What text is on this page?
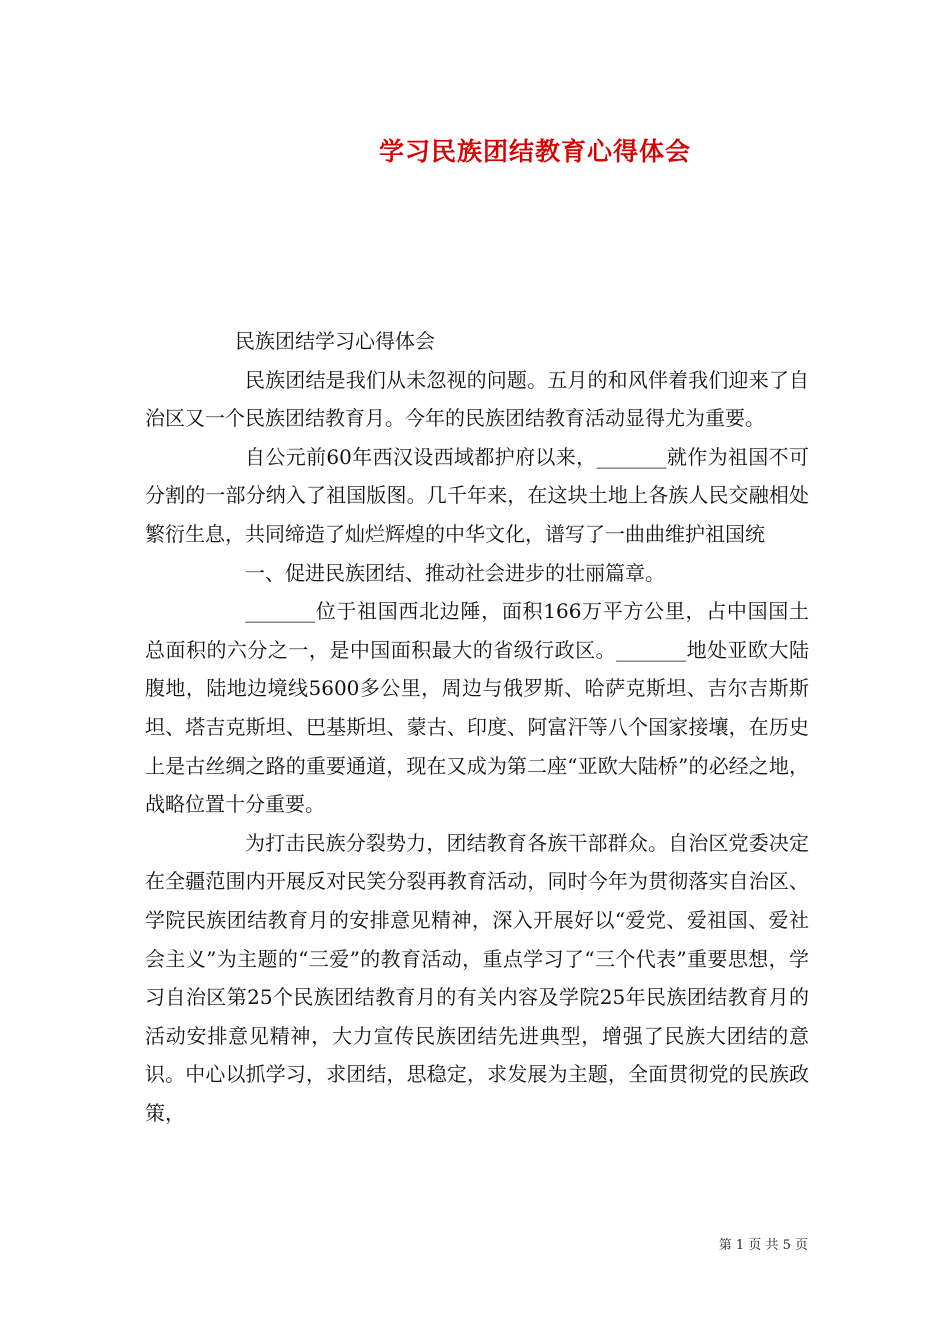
学习民族团结教育心得体会

民族团结学习心得体会

民族团结是我们从未忽视的问题。五月的和风伴着我们迎来了自治区又一个民族团结教育月。今年的民族团结教育活动显得尤为重要。

自公元前60年西汉设西域都护府以来，_______就作为祖国不可分割的一部分纳入了祖国版图。几千年来，在这块土地上各族人民交融相处繁衍生息，共同缔造了灿烂辉煌的中华文化，谱写了一曲曲维护祖国统

一、促进民族团结、推动社会进步的壮丽篇章。

_______位于祖国西北边陲，面积166万平方公里，占中国国土总面积的六分之一，是中国面积最大的省级行政区。_______地处亚欧大陆腹地，陆地边境线5600多公里，周边与俄罗斯、哈萨克斯坦、吉尔吉斯斯坦、塔吉克斯坦、巴基斯坦、蒙古、印度、阿富汗等八个国家接壤，在历史上是古丝绸之路的重要通道，现在又成为第二座“亚欧大陆桥”的必经之地，战略位置十分重要。

为打击民族分裂势力，团结教育各族干部群众。自治区党委决定在全疆范围内开展反对民笑分裂再教育活动，同时今年为贯彻落实自治区、学院民族团结教育月的安排意见精神，深入开展好以“爱党、爱祖国、爱社会主义”为主题的“三爱”的教育活动，重点学习了“三个代表”重要思想，学习自治区第25个民族团结教育月的有关内容及学院25年民族团结教育月的活动安排意见精神，大力宣传民族团结先进典型，增强了民族大团结的意识。中心以抓学习，求团结，思稳定，求发展为主题，全面贯彻党的民族政策，

第 1 页 共 5 页
